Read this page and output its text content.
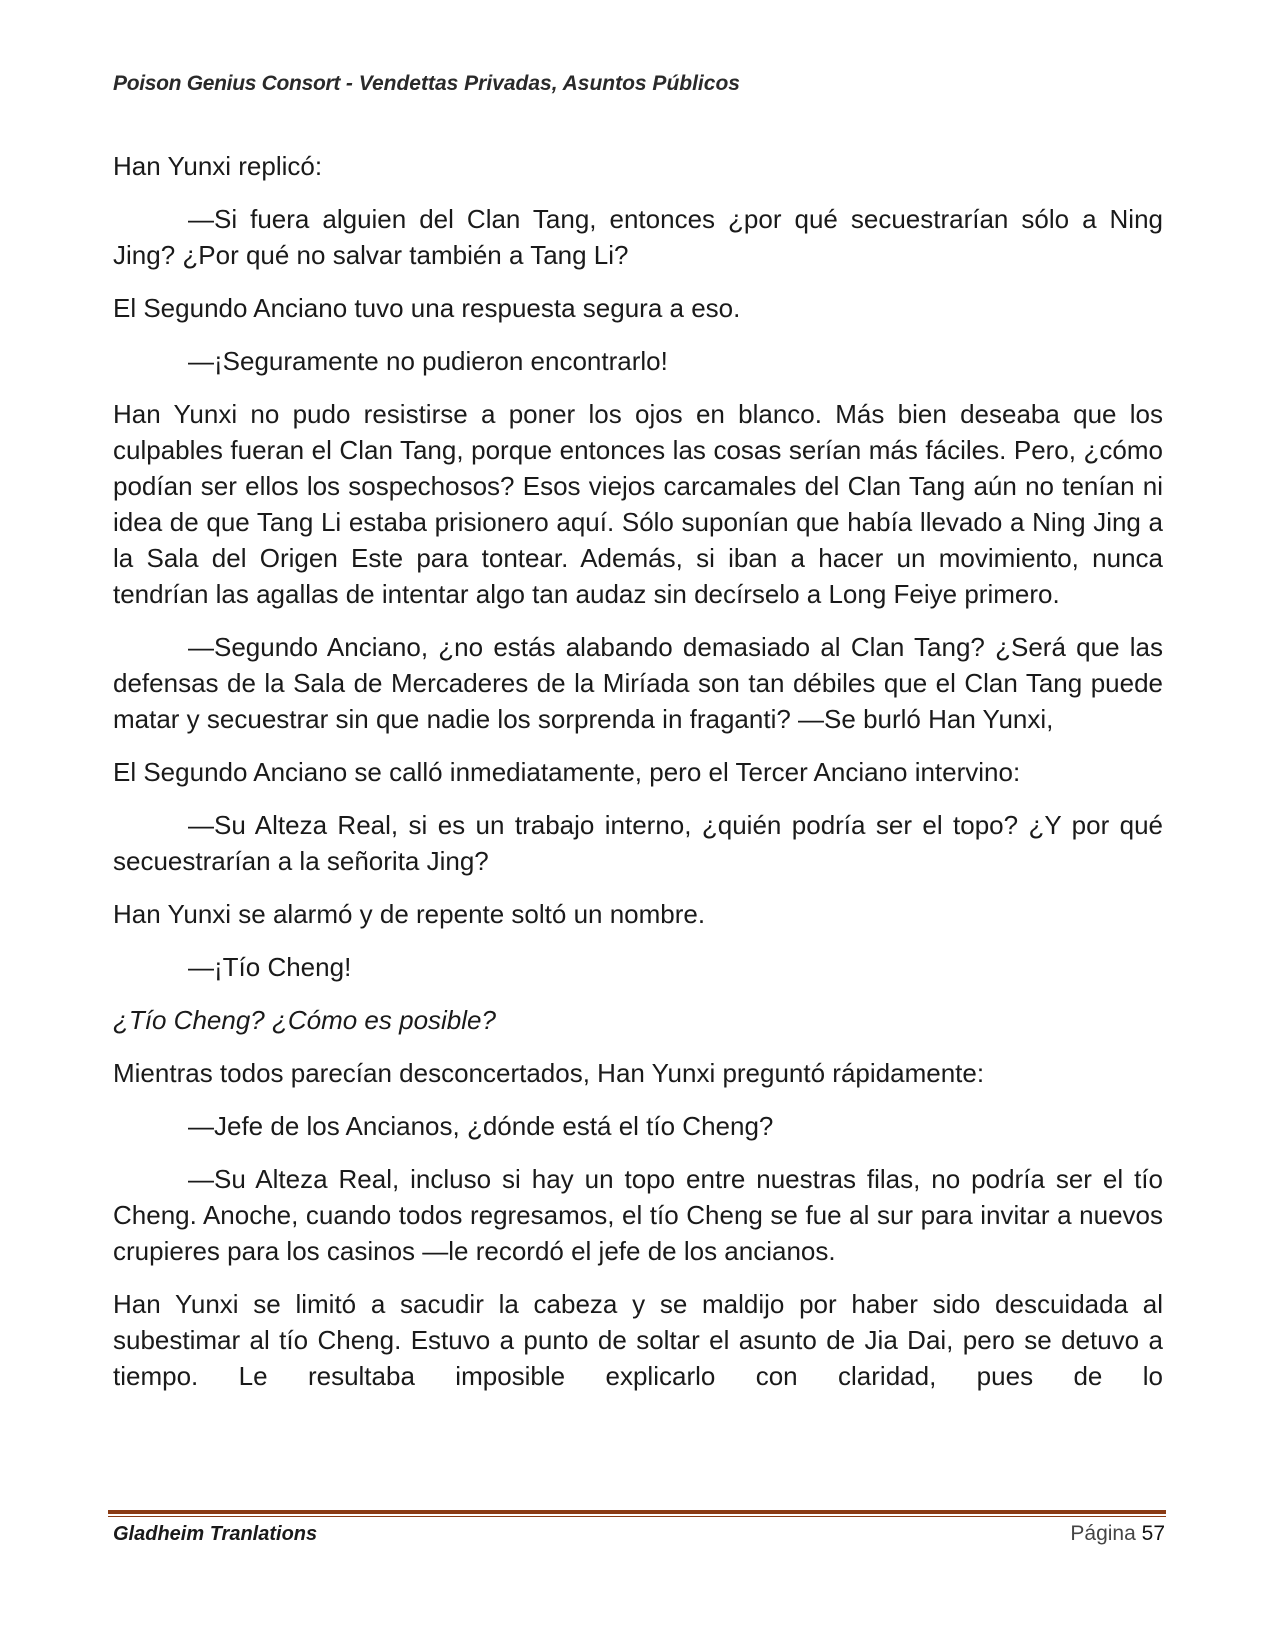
Poison Genius Consort - Vendettas Privadas, Asuntos Públicos

Han Yunxi replicó:

—Si fuera alguien del Clan Tang, entonces ¿por qué secuestrarían sólo a Ning Jing? ¿Por qué no salvar también a Tang Li?

El Segundo Anciano tuvo una respuesta segura a eso.

—¡Seguramente no pudieron encontrarlo!

Han Yunxi no pudo resistirse a poner los ojos en blanco. Más bien deseaba que los culpables fueran el Clan Tang, porque entonces las cosas serían más fáciles. Pero, ¿cómo podían ser ellos los sospechosos? Esos viejos carcamales del Clan Tang aún no tenían ni idea de que Tang Li estaba prisionero aquí. Sólo suponían que había llevado a Ning Jing a la Sala del Origen Este para tontear. Además, si iban a hacer un movimiento, nunca tendrían las agallas de intentar algo tan audaz sin decírselo a Long Feiye primero.

—Segundo Anciano, ¿no estás alabando demasiado al Clan Tang? ¿Será que las defensas de la Sala de Mercaderes de la Miríada son tan débiles que el Clan Tang puede matar y secuestrar sin que nadie los sorprenda in fraganti? —Se burló Han Yunxi,

El Segundo Anciano se calló inmediatamente, pero el Tercer Anciano intervino:

—Su Alteza Real, si es un trabajo interno, ¿quién podría ser el topo? ¿Y por qué secuestrarían a la señorita Jing?

Han Yunxi se alarmó y de repente soltó un nombre.

—¡Tío Cheng!

¿Tío Cheng? ¿Cómo es posible?

Mientras todos parecían desconcertados, Han Yunxi preguntó rápidamente:

—Jefe de los Ancianos, ¿dónde está el tío Cheng?

—Su Alteza Real, incluso si hay un topo entre nuestras filas, no podría ser el tío Cheng. Anoche, cuando todos regresamos, el tío Cheng se fue al sur para invitar a nuevos crupieres para los casinos —le recordó el jefe de los ancianos.

Han Yunxi se limitó a sacudir la cabeza y se maldijo por haber sido descuidada al subestimar al tío Cheng. Estuvo a punto de soltar el asunto de Jia Dai, pero se detuvo a tiempo. Le resultaba imposible explicarlo con claridad, pues de lo

Gladheim Tranlations	Página 57
